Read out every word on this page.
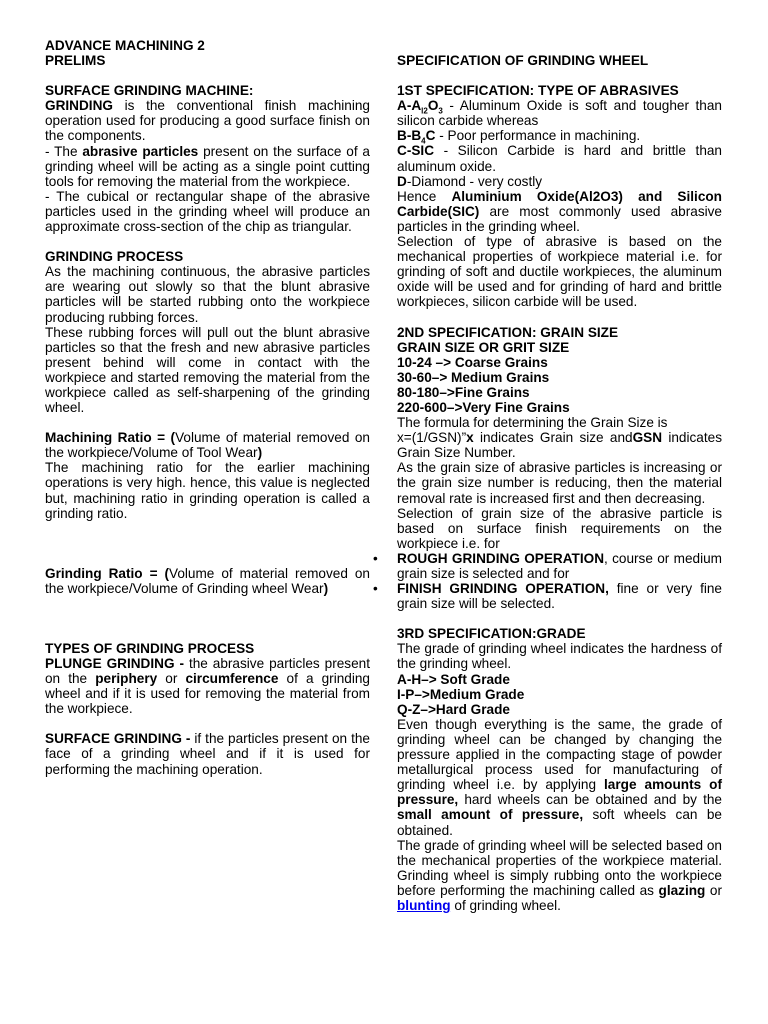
ADVANCE MACHINING 2

PRELIMS

SURFACE GRINDING MACHINE:

GRINDING is the conventional finish machining operation used for producing a good surface finish on the components.

- The abrasive particles present on the surface of a grinding wheel will be acting as a single point cutting tools for removing the material from the workpiece.

- The cubical or rectangular shape of the abrasive particles used in the grinding wheel will produce an approximate cross-section of the chip as triangular.

GRINDING PROCESS

As the machining continuous, the abrasive particles are wearing out slowly so that the blunt abrasive particles will be started rubbing onto the workpiece producing rubbing forces.

These rubbing forces will pull out the blunt abrasive particles so that the fresh and new abrasive particles present behind will come in contact with the workpiece and started removing the material from the workpiece called as self-sharpening of the grinding wheel.

Machining Ratio = (Volume of material removed on the workpiece/Volume of Tool Wear)

The machining ratio for the earlier machining operations is very high. hence, this value is neglected but, machining ratio in grinding operation is called a grinding ratio.

Grinding Ratio = (Volume of material removed on the workpiece/Volume of Grinding wheel Wear)

TYPES OF GRINDING PROCESS

PLUNGE GRINDING - the abrasive particles present on the periphery or circumference of a grinding wheel and if it is used for removing the material from the workpiece.

SURFACE GRINDING - if the particles present on the face of a grinding wheel and if it is used for performing the machining operation.

SPECIFICATION OF GRINDING WHEEL

1ST SPECIFICATION: TYPE OF ABRASIVES

$A-A_{l2}O_3$ - Aluminum Oxide is soft and tougher than silicon carbide whereas

$B-B_4C$ - Poor performance in machining.

C-SIC - Silicon Carbide is hard and brittle than aluminum oxide.

D-Diamond - very costly

Hence Aluminium Oxide(Al2O3) and Silicon Carbide(SIC) are most commonly used abrasive particles in the grinding wheel.

Selection of type of abrasive is based on the mechanical properties of workpiece material i.e. for grinding of soft and ductile workpieces, the aluminum oxide will be used and for grinding of hard and brittle workpieces, silicon carbide will be used.

2ND SPECIFICATION: GRAIN SIZE

GRAIN SIZE OR GRIT SIZE

10-24 –> Coarse Grains

30-60–> Medium Grains

80-180–>Fine Grains

220-600–>Very Fine Grains

The formula for determining the Grain Size is

x=(1/GSN)”x indicates Grain size andGSN indicates Grain Size Number.

As the grain size of abrasive particles is increasing or the grain size number is reducing, then the material removal rate is increased first and then decreasing.

Selection of grain size of the abrasive particle is based on surface finish requirements on the workpiece i.e. for

• ROUGH GRINDING OPERATION, course or medium grain size is selected and for

• FINISH GRINDING OPERATION, fine or very fine grain size will be selected.

3RD SPECIFICATION:GRADE

The grade of grinding wheel indicates the hardness of the grinding wheel.

A-H–> Soft Grade

I-P–>Medium Grade

Q-Z–>Hard Grade

Even though everything is the same, the grade of grinding wheel can be changed by changing the pressure applied in the compacting stage of powder metallurgical process used for manufacturing of grinding wheel i.e. by applying large amounts of pressure, hard wheels can be obtained and by the small amount of pressure, soft wheels can be obtained.

The grade of grinding wheel will be selected based on the mechanical properties of the workpiece material. Grinding wheel is simply rubbing onto the workpiece before performing the machining called as glazing or blunting of grinding wheel.
